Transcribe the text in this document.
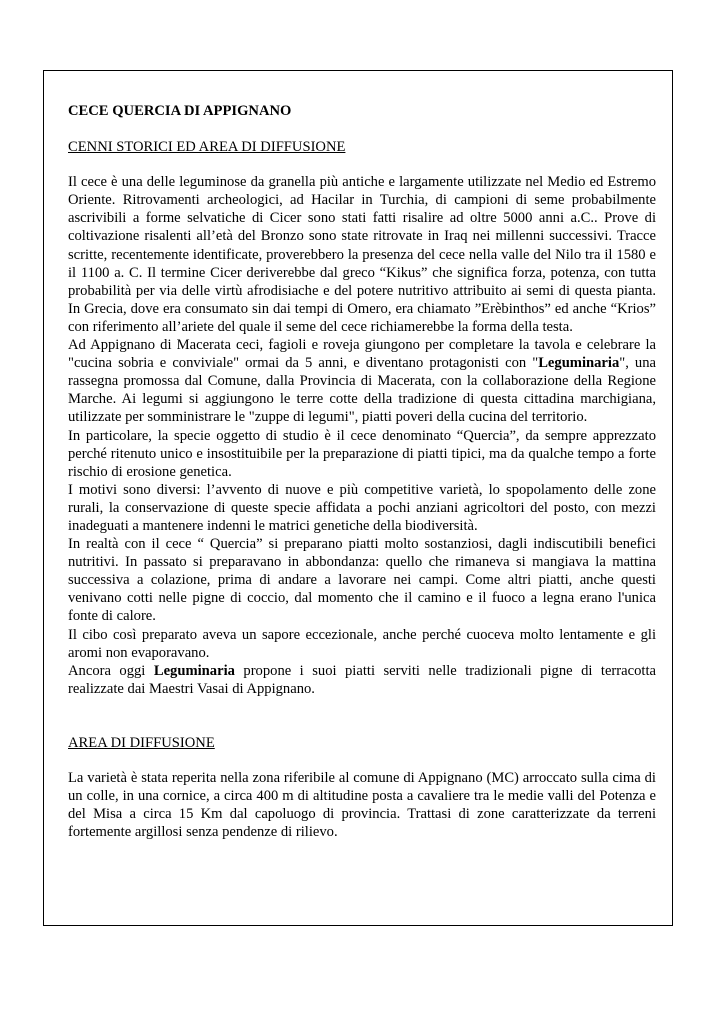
CECE QUERCIA DI APPIGNANO

CENNI STORICI ED AREA DI DIFFUSIONE

Il cece è una delle leguminose da granella più antiche e largamente utilizzate nel Medio ed Estremo Oriente. Ritrovamenti archeologici, ad Hacilar in Turchia, di campioni di seme probabilmente ascrivibili a forme selvatiche di Cicer sono stati fatti risalire ad oltre 5000 anni a.C.. Prove di coltivazione risalenti all’età del Bronzo sono state ritrovate in Iraq nei millenni successivi. Tracce scritte, recentemente identificate, proverebbero la presenza del cece nella valle del Nilo tra il 1580 e il 1100 a. C. Il termine Cicer deriverebbe dal greco “Kikus” che significa forza, potenza, con tutta probabilità per via delle virtù afrodisiache e del potere nutritivo attribuito ai semi di questa pianta. In Grecia, dove era consumato sin dai tempi di Omero, era chiamato ”Erèbinthos” ed anche “Krios” con riferimento all’ariete del quale il seme del cece richiamerebbe la forma della testa.

Ad Appignano di Macerata ceci, fagioli e roveja giungono per completare la tavola e celebrare la "cucina sobria e conviviale" ormai da 5 anni, e diventano protagonisti con "Leguminaria", una rassegna promossa dal Comune, dalla Provincia di Macerata, con la collaborazione della Regione Marche. Ai legumi si aggiungono le terre cotte della tradizione di questa cittadina marchigiana, utilizzate per somministrare le "zuppe di legumi", piatti poveri della cucina del territorio.

In particolare, la specie oggetto di studio è il cece denominato “Quercia”, da sempre apprezzato perché ritenuto unico e insostituibile per la preparazione di piatti tipici, ma da qualche tempo a forte rischio di erosione genetica.

I motivi sono diversi: l’avvento di nuove e più competitive varietà, lo spopolamento delle zone rurali, la conservazione di queste specie affidata a pochi anziani agricoltori del posto, con mezzi inadeguati a mantenere indenni le matrici genetiche della biodiversità.

In realtà con il cece “ Quercia” si preparano piatti molto sostanziosi, dagli indiscutibili benefici nutritivi. In passato si preparavano in abbondanza: quello che rimaneva si mangiava la mattina successiva a colazione, prima di andare a lavorare nei campi. Come altri piatti, anche questi venivano cotti nelle pigne di coccio, dal momento che il camino e il fuoco a legna erano l'unica fonte di calore.

Il cibo così preparato aveva un sapore eccezionale, anche perché cuoceva molto lentamente e gli aromi non evaporavano.

Ancora oggi Leguminaria propone i suoi piatti serviti nelle tradizionali pigne di terracotta realizzate dai Maestri Vasai di Appignano.

AREA DI DIFFUSIONE

La varietà è stata reperita nella zona riferibile al comune di Appignano (MC) arroccato sulla cima di un colle, in una cornice, a circa 400 m di altitudine posta a cavaliere tra le medie valli del Potenza e del Misa a circa 15 Km dal capoluogo di provincia. Trattasi di zone caratterizzate da terreni fortemente argillosi senza pendenze di rilievo.
